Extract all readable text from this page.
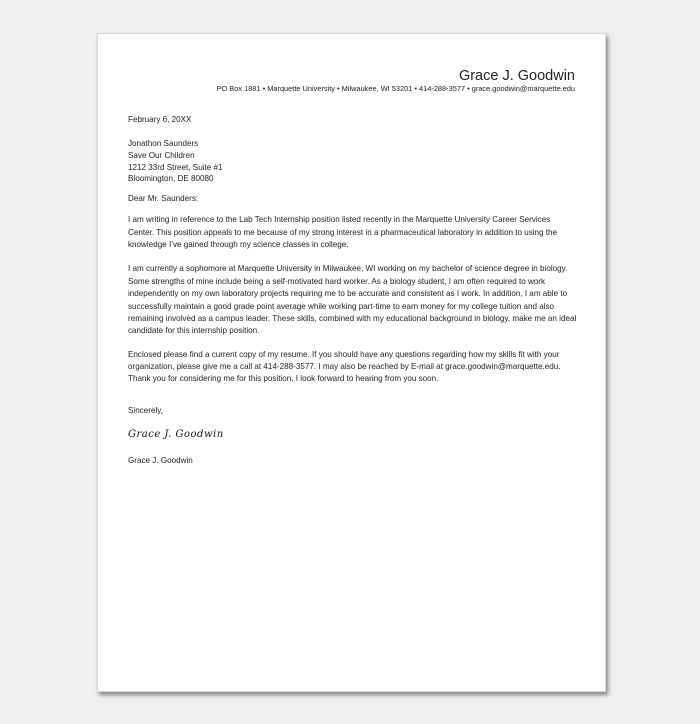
Grace J. Goodwin
PO Box 1881 • Marquette University • Milwaukee, WI 53201 • 414-288-3577 • grace.goodwin@marquette.edu
February 6, 20XX
Jonathon Saunders
Save Our Children
1212 33rd Street, Suite #1
Bloomington, DE 80080
Dear Mr. Saunders:
I am writing in reference to the Lab Tech Internship position listed recently in the Marquette University Career Services
Center. This position appeals to me because of my strong interest in a pharmaceutical laboratory in addition to using the
knowledge I’ve gained through my science classes in college.
I am currently a sophomore at Marquette University in Milwaukee, WI working on my bachelor of science degree in biology.
Some strengths of mine include being a self-motivated hard worker. As a biology student, I am often required to work
independently on my own laboratory projects requiring me to be accurate and consistent as I work. In addition, I am able to
successfully maintain a good grade point average while working part-time to earn money for my college tuition and also
remaining involved as a campus leader. These skills, combined with my educational background in biology, make me an ideal
candidate for this internship position.
Enclosed please find a current copy of my resume. If you should have any questions regarding how my skills fit with your
organization, please give me a call at 414-288-3577. I may also be reached by E-mail at grace.goodwin@marquette.edu.
Thank you for considering me for this position. I look forward to hearing from you soon.
Sincerely,
Grace J. Goodwin
Grace J. Goodwin
